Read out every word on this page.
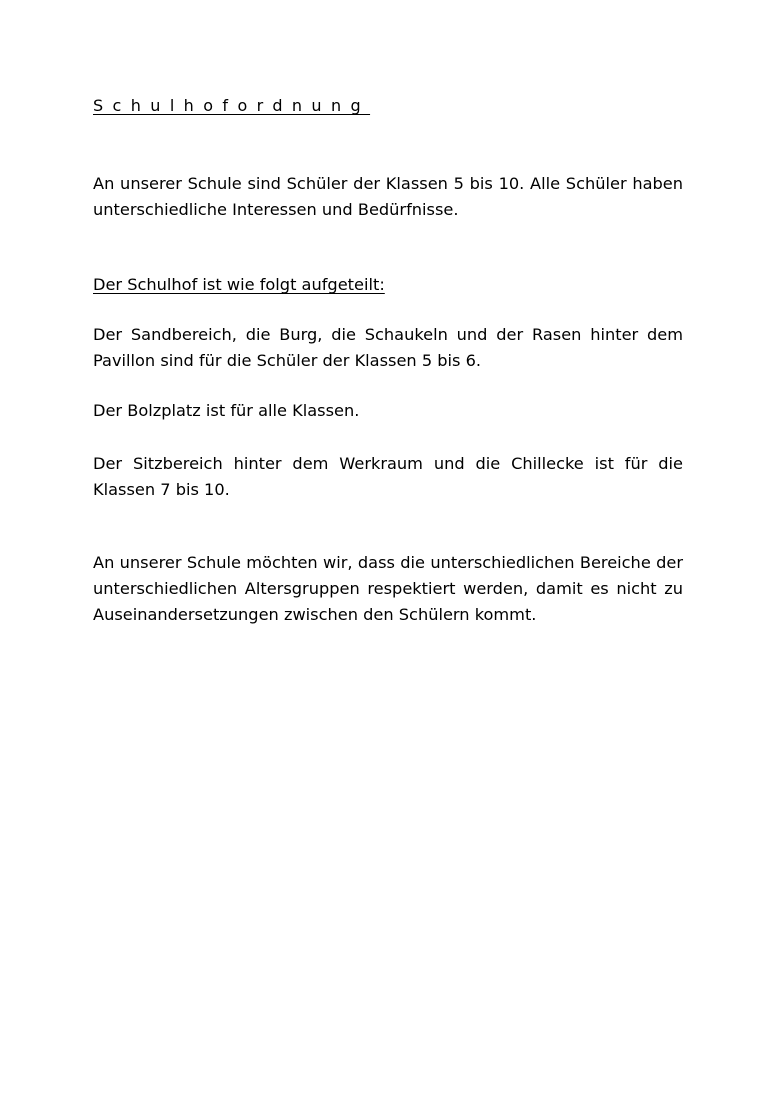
Schulhofordnung

An unserer Schule sind Schüler der Klassen 5 bis 10. Alle Schüler haben unterschiedliche Interessen und Bedürfnisse.

Der Schulhof ist wie folgt aufgeteilt:

Der Sandbereich, die Burg, die Schaukeln und der Rasen hinter dem Pavillon sind für die Schüler der Klassen 5 bis 6.

Der Bolzplatz ist für alle Klassen.

Der Sitzbereich hinter dem Werkraum und die Chillecke ist für die Klassen 7 bis 10.

An unserer Schule möchten wir, dass die unterschiedlichen Bereiche der unterschiedlichen Altersgruppen respektiert werden, damit es nicht zu Auseinandersetzungen zwischen den Schülern kommt.
